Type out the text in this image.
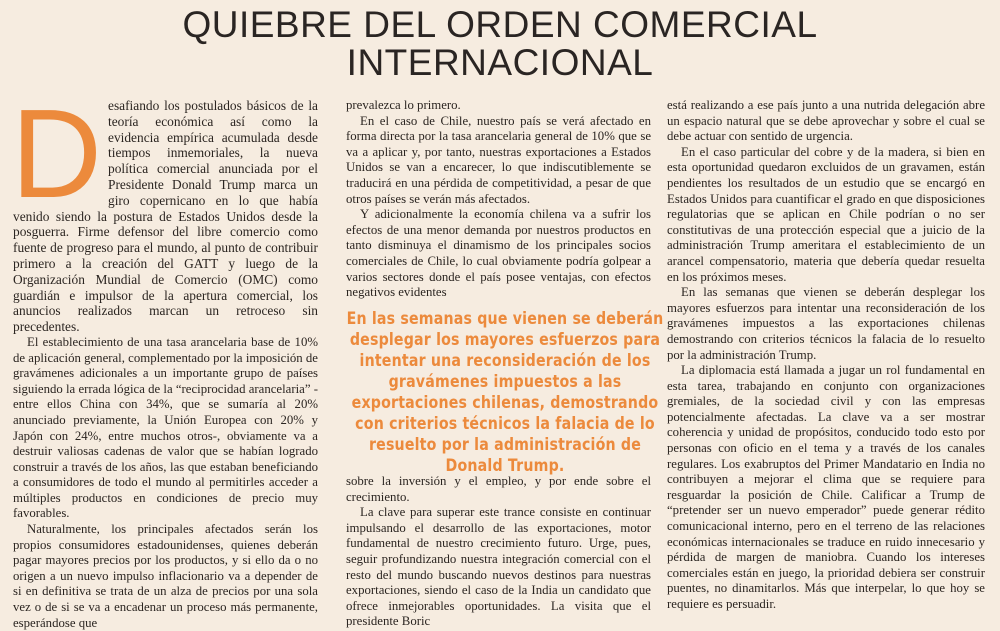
QUIEBRE DEL ORDEN COMERCIAL
INTERNACIONAL
D esafiando los postulados básicos de la teoría económica así como la evidencia empírica acumulada desde tiempos inmemoriales, la nueva política comercial anunciada por el Presidente Donald Trump marca un giro copernicano en lo que había venido siendo la postura de Estados Unidos desde la posguerra. Firme defensor del libre comercio como fuente de progreso para el mundo, al punto de contribuir primero a la creación del GATT y luego de la Organización Mundial de Comercio (OMC) como guardián e impulsor de la apertura comercial, los anuncios realizados marcan un retroceso sin precedentes.

El establecimiento de una tasa arancelaria base de 10% de aplicación general, complementado por la imposición de gravámenes adicionales a un importante grupo de países siguiendo la errada lógica de la “reciprocidad arancelaria” -entre ellos China con 34%, que se sumaría al 20% anunciado previamente, la Unión Europea con 20% y Japón con 24%, entre muchos otros-, obviamente va a destruir valiosas cadenas de valor que se habían logrado construir a través de los años, las que estaban beneficiando a consumidores de todo el mundo al permitirles acceder a múltiples productos en condiciones de precio muy favorables.

Naturalmente, los principales afectados serán los propios consumidores estadounidenses, quienes deberán pagar mayores precios por los productos, y si ello da o no origen a un nuevo impulso inflacionario va a depender de si en definitiva se trata de un alza de precios por una sola vez o de si se va a encadenar un proceso más permanente, esperándose que

prevalezca lo primero.

En el caso de Chile, nuestro país se verá afectado en forma directa por la tasa arancelaria general de 10% que se va a aplicar y, por tanto, nuestras exportaciones a Estados Unidos se van a encarecer, lo que indiscutiblemente se traducirá en una pérdida de competitividad, a pesar de que otros países se verán más afectados.

Y adicionalmente la economía chilena va a sufrir los efectos de una menor demanda por nuestros productos en tanto disminuya el dinamismo de los principales socios comerciales de Chile, lo cual obviamente podría golpear a varios sectores donde el país posee ventajas, con efectos negativos evidentes

En las semanas que vienen se deberán desplegar los mayores esfuerzos para intentar una reconsideración de los gravámenes impuestos a las exportaciones chilenas, demostrando con criterios técnicos la falacia de lo resuelto por la administración de Donald Trump.

sobre la inversión y el empleo, y por ende sobre el crecimiento.

La clave para superar este trance consiste en continuar impulsando el desarrollo de las exportaciones, motor fundamental de nuestro crecimiento futuro. Urge, pues, seguir profundizando nuestra integración comercial con el resto del mundo buscando nuevos destinos para nuestras exportaciones, siendo el caso de la India un candidato que ofrece inmejorables oportunidades. La visita que el presidente Boric

está realizando a ese país junto a una nutrida delegación abre un espacio natural que se debe aprovechar y sobre el cual se debe actuar con sentido de urgencia.

En el caso particular del cobre y de la madera, si bien en esta oportunidad quedaron excluidos de un gravamen, están pendientes los resultados de un estudio que se encargó en Estados Unidos para cuantificar el grado en que disposiciones regulatorias que se aplican en Chile podrían o no ser constitutivas de una protección especial que a juicio de la administración Trump ameritara el establecimiento de un arancel compensatorio, materia que debería quedar resuelta en los próximos meses.

En las semanas que vienen se deberán desplegar los mayores esfuerzos para intentar una reconsideración de los gravámenes impuestos a las exportaciones chilenas demostrando con criterios técnicos la falacia de lo resuelto por la administración Trump.

La diplomacia está llamada a jugar un rol fundamental en esta tarea, trabajando en conjunto con organizaciones gremiales, de la sociedad civil y con las empresas potencialmente afectadas. La clave va a ser mostrar coherencia y unidad de propósitos, conducido todo esto por personas con oficio en el tema y a través de los canales regulares. Los exabruptos del Primer Mandatario en India no contribuyen a mejorar el clima que se requiere para resguardar la posición de Chile. Calificar a Trump de “pretender ser un nuevo emperador” puede generar rédito comunicacional interno, pero en el terreno de las relaciones económicas internacionales se traduce en ruido innecesario y pérdida de margen de maniobra. Cuando los intereses comerciales están en juego, la prioridad debiera ser construir puentes, no dinamitarlos. Más que interpelar, lo que hoy se requiere es persuadir.
